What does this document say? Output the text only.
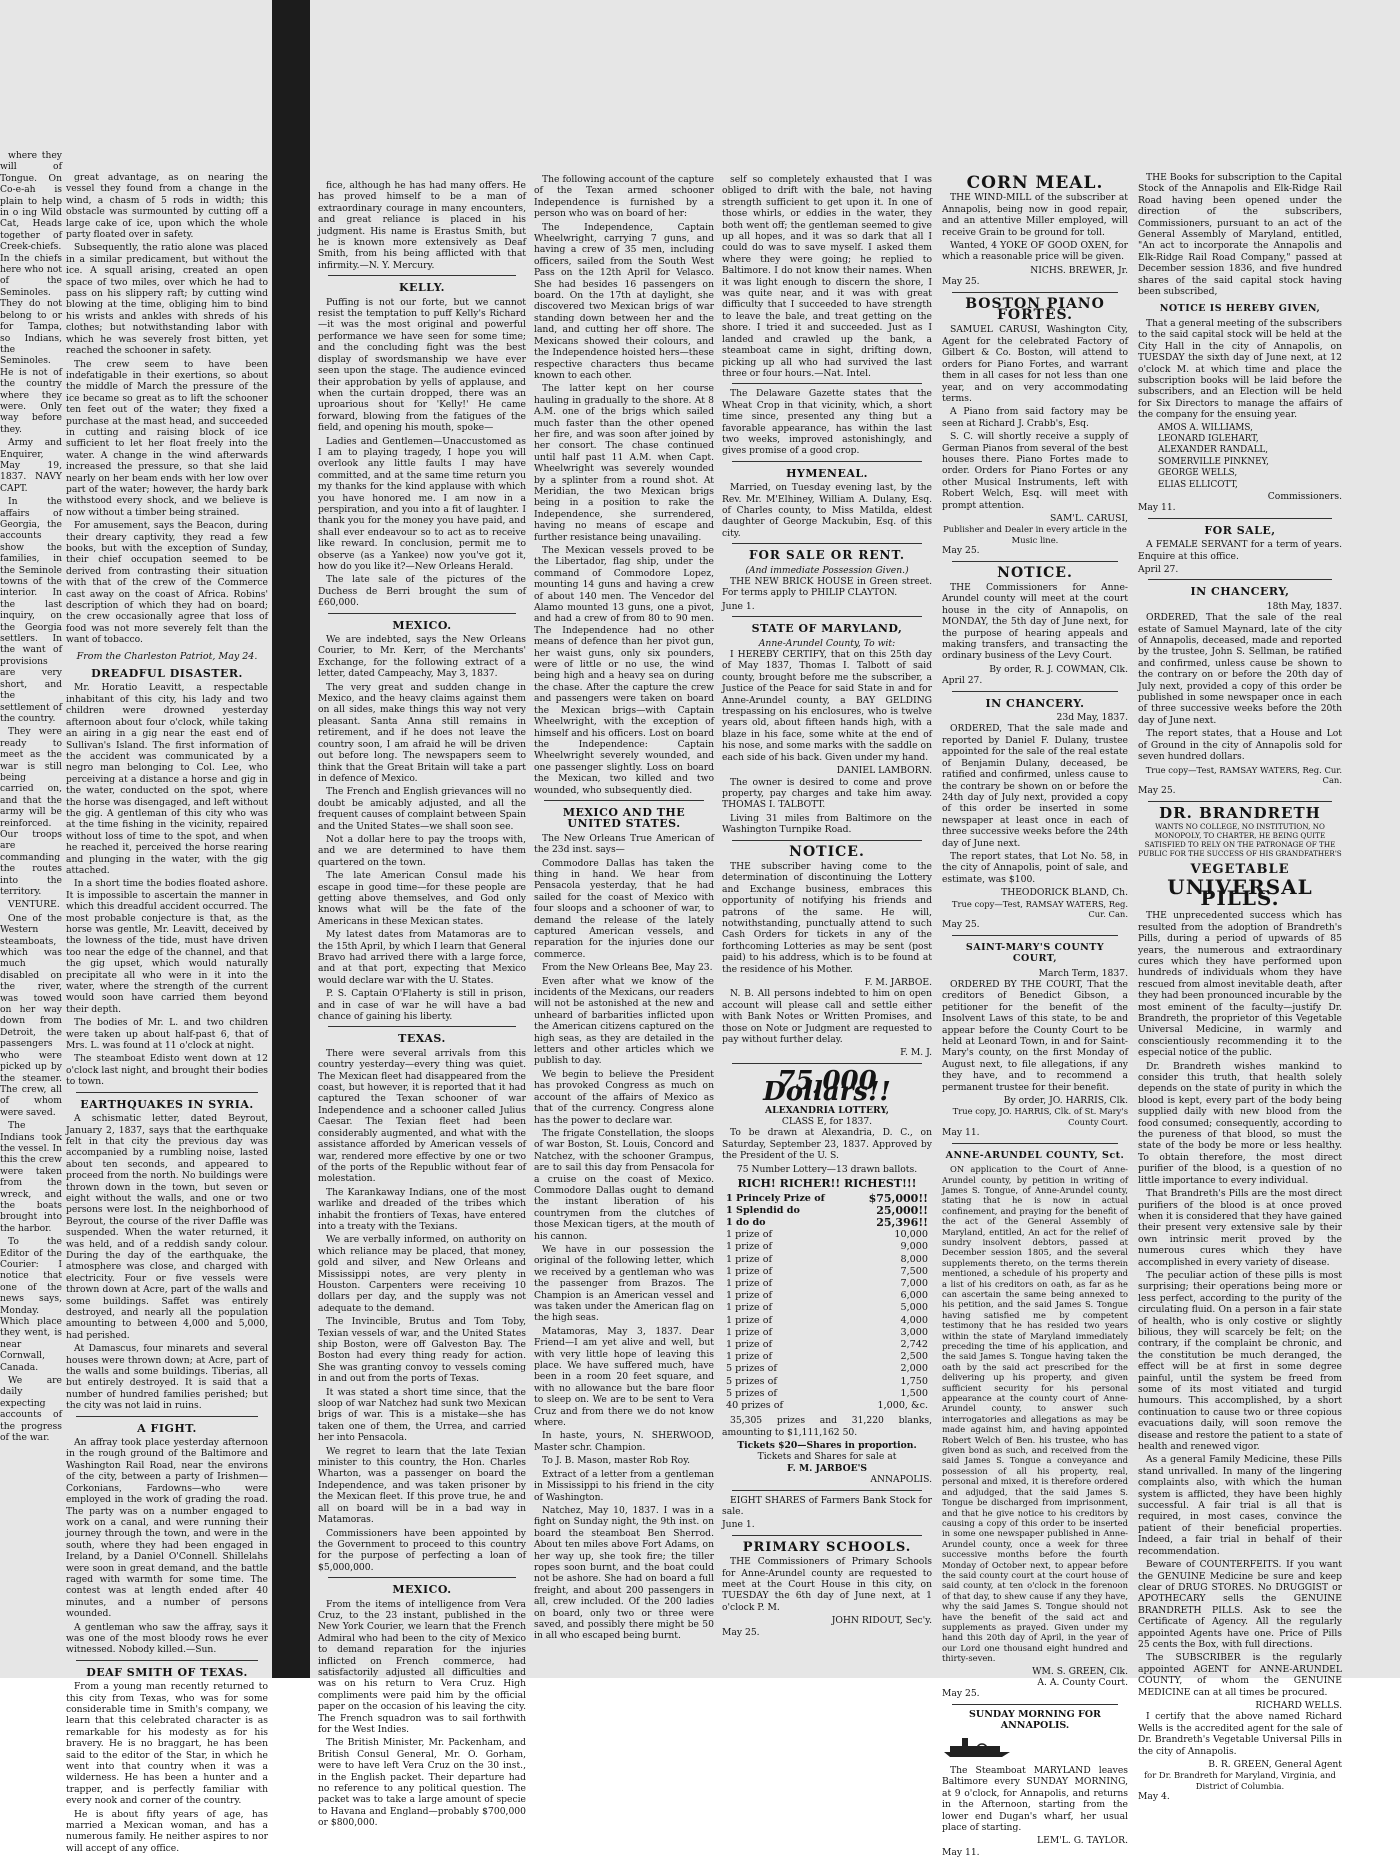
where they will of Tongue. On Co-e-ah is plain to help in o ing Wild Cat, Heads together of Creek-chiefs. In the chiefs here who not of the Seminoles. They do not belong to or for Tampa, so Indians, the Seminoles. He is not of the country where they were. Only way before they.

Army and Enquirer, May 19, 1837. NAVY CAPT.

In the affairs of Georgia, the accounts show the families, in the Seminole towns of the interior. In the last inquiry, on the Georgia settlers. In the want of provisions are very short, and the settlement of the country.

They were ready to meet as the war is still being carried on, and that the army will be reinforced. Our troops are commanding the routes into the territory.

VENTURE.

One of the Western steamboats, which was much disabled on the river, was towed on her way down from Detroit, the passengers who were picked up by the steamer. The crew, all of whom were saved.

The Indians took the vessel. In this the crew were taken from the wreck, and the boats brought into the harbor.

To the Editor of the Courier: I notice that one of the news says, Monday. Which place they went, is near Cornwall, Canada.

We are daily expecting accounts of the progress of the war.

great advantage, as on nearing the vessel they found from a change in the wind, a chasm of 5 rods in width; this obstacle was surmounted by cutting off a large cake of ice, upon which the whole party floated over in safety.

Subsequently, the ratio alone was placed in a similar predicament, but without the ice. A squall arising, created an open space of two miles, over which he had to pass on his slippery raft; by cutting wind blowing at the time, obliging him to bind his wrists and ankles with shreds of his clothes; but notwithstanding labor with which he was severely frost bitten, yet reached the schooner in safety.

The crew seem to have been indefatigable in their exertions, so about the middle of March the pressure of the ice became so great as to lift the schooner ten feet out of the water; they fixed a purchase at the mast head, and succeeded in cutting and raising block of ice sufficient to let her float freely into the water. A change in the wind afterwards increased the pressure, so that she laid nearly on her beam ends with her low over part of the water; however, the hardy bark withstood every shock, and we believe is now without a timber being strained.

For amusement, says the Beacon, during their dreary captivity, they read a few books, but with the exception of Sunday, their chief occupation seemed to be derived from contrasting their situation with that of the crew of the Commerce cast away on the coast of Africa. Robins' description of which they had on board; the crew occasionally agree that loss of food was not more severely felt than the want of tobacco.

From the Charleston Patriot, May 24.
DREADFUL DISASTER.

Mr. Horatio Leavitt, a respectable inhabitant of this city, his lady and two children were drowned yesterday afternoon about four o'clock, while taking an airing in a gig near the east end of Sullivan's Island. The first information of the accident was communicated by a negro man belonging to Col. Lee, who perceiving at a distance a horse and gig in the water, conducted on the spot, where the horse was disengaged, and left without the gig. A gentleman of this city who was at the time fishing in the vicinity, repaired without loss of time to the spot, and when he reached it, perceived the horse rearing and plunging in the water, with the gig attached.

In a short time the bodies floated ashore. It is impossible to ascertain the manner in which this dreadful accident occurred. The most probable conjecture is that, as the horse was gentle, Mr. Leavitt, deceived by the lowness of the tide, must have driven too near the edge of the channel, and that the gig upset, which would naturally precipitate all who were in it into the water, where the strength of the current would soon have carried them beyond their depth.

The bodies of Mr. L. and two children were taken up about half-past 6, that of Mrs. L. was found at 11 o'clock at night.

The steamboat Edisto went down at 12 o'clock last night, and brought their bodies to town.

EARTHQUAKES IN SYRIA.

A schismatic letter, dated Beyrout, January 2, 1837, says that the earthquake felt in that city the previous day was accompanied by a rumbling noise, lasted about ten seconds, and appeared to proceed from the north. No buildings were thrown down in the town, but seven or eight without the walls, and one or two persons were lost. In the neighborhood of Beyrout, the course of the river Daffle was suspended. When the water returned, it was held, and of a reddish sandy colour. During the day of the earthquake, the atmosphere was close, and charged with electricity. Four or five vessels were thrown down at Acre, part of the walls and some buildings. Saffet was entirely destroyed, and nearly all the population amounting to between 4,000 and 5,000, had perished.

At Damascus, four minarets and several houses were thrown down; at Acre, part of the walls and some buildings. Tiberias, all but entirely destroyed. It is said that a number of hundred families perished; but the city was not laid in ruins.

A FIGHT.

An affray took place yesterday afternoon in the rough ground of the Baltimore and Washington Rail Road, near the environs of the city, between a party of Irishmen—Corkonians, Fardowns—who were employed in the work of grading the road. The party was on a number engaged to work on a canal, and were running their journey through the town, and were in the south, where they had been engaged in Ireland, by a Daniel O'Connell. Shillelahs were soon in great demand, and the battle raged with warmth for some time. The contest was at length ended after 40 minutes, and a number of persons wounded.

A gentleman who saw the affray, says it was one of the most bloody rows he ever witnessed. Nobody killed.—Sun.

DEAF SMITH OF TEXAS.

From a young man recently returned to this city from Texas, who was for some considerable time in Smith's company, we learn that this celebrated character is as remarkable for his modesty as for his bravery. He is no braggart, he has been said to the editor of the Star, in which he went into that country when it was a wilderness. He has been a hunter and a trapper, and is perfectly familiar with every nook and corner of the country.

He is about fifty years of age, has married a Mexican woman, and has a numerous family. He neither aspires to nor will accept of any office.

fice, although he has had many offers. He has proved himself to be a man of extraordinary courage in many encounters, and great reliance is placed in his judgment. His name is Erastus Smith, but he is known more extensively as Deaf Smith, from his being afflicted with that infirmity.—N. Y. Mercury.

KELLY.

Puffing is not our forte, but we cannot resist the temptation to puff Kelly's Richard—it was the most original and powerful performance we have seen for some time; and the concluding fight was the best display of swordsmanship we have ever seen upon the stage. The audience evinced their approbation by yells of applause, and when the curtain dropped, there was an uproarious shout for 'Kelly!' He came forward, blowing from the fatigues of the field, and opening his mouth, spoke—

Ladies and Gentlemen—Unaccustomed as I am to playing tragedy, I hope you will overlook any little faults I may have committed, and at the same time return you my thanks for the kind applause with which you have honored me. I am now in a perspiration, and you into a fit of laughter. I thank you for the money you have paid, and shall ever endeavour so to act as to receive like reward. In conclusion, permit me to observe (as a Yankee) now you've got it, how do you like it?—New Orleans Herald.

The late sale of the pictures of the Duchess de Berri brought the sum of £60,000.

MEXICO.

We are indebted, says the New Orleans Courier, to Mr. Kerr, of the Merchants' Exchange, for the following extract of a letter, dated Campeachy, May 3, 1837.

The very great and sudden change in Mexico, and the heavy claims against them on all sides, make things this way not very pleasant. Santa Anna still remains in retirement, and if he does not leave the country soon, I am afraid he will be driven out before long. The newspapers seem to think that the Great Britain will take a part in defence of Mexico.

The French and English grievances will no doubt be amicably adjusted, and all the frequent causes of complaint between Spain and the United States—we shall soon see.

Not a dollar here to pay the troops with, and we are determined to have them quartered on the town.

The late American Consul made his escape in good time—for these people are getting above themselves, and God only knows what will be the fate of the Americans in these Mexican states.

My latest dates from Matamoras are to the 15th April, by which I learn that General Bravo had arrived there with a large force, and at that port, expecting that Mexico would declare war with the U. States.

P. S. Captain O'Flaherty is still in prison, and in case of war he will have a bad chance of gaining his liberty.

TEXAS.

There were several arrivals from this country yesterday—every thing was quiet. The Mexican fleet had disappeared from the coast, but however, it is reported that it had captured the Texan schooner of war Independence and a schooner called Julius Caesar. The Texian fleet had been considerably augmented, and what with the assistance afforded by American vessels of war, rendered more effective by one or two of the ports of the Republic without fear of molestation.

The Karankaway Indians, one of the most warlike and dreaded of the tribes which inhabit the frontiers of Texas, have entered into a treaty with the Texians.

We are verbally informed, on authority on which reliance may be placed, that money, gold and silver, and New Orleans and Mississippi notes, are very plenty in Houston. Carpenters were receiving 10 dollars per day, and the supply was not adequate to the demand.

The Invincible, Brutus and Tom Toby, Texian vessels of war, and the United States ship Boston, were off Galveston Bay. The Boston had every thing ready for action. She was granting convoy to vessels coming in and out from the ports of Texas.

It was stated a short time since, that the sloop of war Natchez had sunk two Mexican brigs of war. This is a mistake—she has taken one of them, the Urrea, and carried her into Pensacola.

We regret to learn that the late Texian minister to this country, the Hon. Charles Wharton, was a passenger on board the Independence, and was taken prisoner by the Mexican fleet. If this prove true, he and all on board will be in a bad way in Matamoras.

Commissioners have been appointed by the Government to proceed to this country for the purpose of perfecting a loan of $5,000,000.

MEXICO.

From the items of intelligence from Vera Cruz, to the 23 instant, published in the New York Courier, we learn that the French Admiral who had been to the city of Mexico to demand reparation for the injuries inflicted on French commerce, had satisfactorily adjusted all difficulties and was on his return to Vera Cruz. High compliments were paid him by the official paper on the occasion of his leaving the city. The French squadron was to sail forthwith for the West Indies.

The British Minister, Mr. Packenham, and British Consul General, Mr. O. Gorham, were to have left Vera Cruz on the 30 inst., in the English packet. Their departure had no reference to any political question. The packet was to take a large amount of specie to Havana and England—probably $700,000 or $800,000.

The following account of the capture of the Texan armed schooner Independence is furnished by a person who was on board of her:

The Independence, Captain Wheelwright, carrying 7 guns, and having a crew of 35 men, including officers, sailed from the South West Pass on the 12th April for Velasco. She had besides 16 passengers on board. On the 17th at daylight, she discovered two Mexican brigs of war standing down between her and the land, and cutting her off shore. The Mexicans showed their colours, and the Independence hoisted hers—these respective characters thus became known to each other.

The latter kept on her course hauling in gradually to the shore. At 8 A.M. one of the brigs which sailed much faster than the other opened her fire, and was soon after joined by her consort. The chase continued until half past 11 A.M. when Capt. Wheelwright was severely wounded by a splinter from a round shot. At Meridian, the two Mexican brigs being in a position to rake the Independence, she surrendered, having no means of escape and further resistance being unavailing.

The Mexican vessels proved to be the Libertador, flag ship, under the command of Commodore Lopez, mounting 14 guns and having a crew of about 140 men. The Vencedor del Alamo mounted 13 guns, one a pivot, and had a crew of from 80 to 90 men. The Independence had no other means of defence than her pivot gun, her waist guns, only six pounders, were of little or no use, the wind being high and a heavy sea on during the chase. After the capture the crew and passengers were taken on board the Mexican brigs—with Captain Wheelwright, with the exception of himself and his officers. Lost on board the Independence: Captain Wheelwright severely wounded, and one passenger slightly. Loss on board the Mexican, two killed and two wounded, who subsequently died.

MEXICO AND THE UNITED STATES.

The New Orleans True American of the 23d inst. says—

Commodore Dallas has taken the thing in hand. We hear from Pensacola yesterday, that he had sailed for the coast of Mexico with four sloops and a schooner of war, to demand the release of the lately captured American vessels, and reparation for the injuries done our commerce.

From the New Orleans Bee, May 23.

Even after what we know of the incidents of the Mexicans, our readers will not be astonished at the new and unheard of barbarities inflicted upon the American citizens captured on the high seas, as they are detailed in the letters and other articles which we publish to day.

We begin to believe the President has provoked Congress as much on account of the affairs of Mexico as that of the currency. Congress alone has the power to declare war.

The frigate Constellation, the sloops of war Boston, St. Louis, Concord and Natchez, with the schooner Grampus, are to sail this day from Pensacola for a cruise on the coast of Mexico. Commodore Dallas ought to demand the instant liberation of his countrymen from the clutches of those Mexican tigers, at the mouth of his cannon.

We have in our possession the original of the following letter, which we received by a gentleman who was the passenger from Brazos. The Champion is an American vessel and was taken under the American flag on the high seas.

Matamoras, May 3, 1837. Dear Friend—I am yet alive and well, but with very little hope of leaving this place. We have suffered much, have been in a room 20 feet square, and with no allowance but the bare floor to sleep on. We are to be sent to Vera Cruz and from there we do not know where.

In haste, yours, N. SHERWOOD, Master schr. Champion.

To J. B. Mason, master Rob Roy.

Extract of a letter from a gentleman in Mississippi to his friend in the city of Washington.

Natchez, May 10, 1837. I was in a fight on Sunday night, the 9th inst. on board the steamboat Ben Sherrod. About ten miles above Fort Adams, on her way up, she took fire; the tiller ropes soon burnt, and the boat could not be ashore. She had on board a full freight, and about 200 passengers in all, crew included. Of the 200 ladies on board, only two or three were saved, and possibly there might be 50 in all who escaped being burnt.

self so completely exhausted that I was obliged to drift with the bale, not having strength sufficient to get upon it. In one of those whirls, or eddies in the water, they both went off; the gentleman seemed to give up all hopes, and it was so dark that all I could do was to save myself. I asked them where they were going; he replied to Baltimore. I do not know their names. When it was light enough to discern the shore, I was quite near, and it was with great difficulty that I succeeded to have strength to leave the bale, and treat getting on the shore. I tried it and succeeded. Just as I landed and crawled up the bank, a steamboat came in sight, drifting down, picking up all who had survived the last three or four hours.—Nat. Intel.

The Delaware Gazette states that the Wheat Crop in that vicinity, which, a short time since, presented any thing but a favorable appearance, has within the last two weeks, improved astonishingly, and gives promise of a good crop.

HYMENEAL.

Married, on Tuesday evening last, by the Rev. Mr. M'Elhiney, William A. Dulany, Esq. of Charles county, to Miss Matilda, eldest daughter of George Mackubin, Esq. of this city.

FOR SALE OR RENT.
(And immediate Possession Given.)

THE NEW BRICK HOUSE in Green street. For terms apply to PHILIP CLAYTON.

June 1.
STATE OF MARYLAND,
Anne-Arundel County, To wit:

I HEREBY CERTIFY, that on this 25th day of May 1837, Thomas I. Talbott of said county, brought before me the subscriber, a Justice of the Peace for said State in and for Anne-Arundel county, a BAY GELDING trespassing on his enclosures, who is twelve years old, about fifteen hands high, with a blaze in his face, some white at the end of his nose, and some marks with the saddle on each side of his back. Given under my hand.

DANIEL LAMBORN.

The owner is desired to come and prove property, pay charges and take him away. THOMAS I. TALBOTT.

Living 31 miles from Baltimore on the Washington Turnpike Road.

NOTICE.

THE subscriber having come to the determination of discontinuing the Lottery and Exchange business, embraces this opportunity of notifying his friends and patrons of the same. He will, notwithstanding, punctually attend to such Cash Orders for tickets in any of the forthcoming Lotteries as may be sent (post paid) to his address, which is to be found at the residence of his Mother.

F. M. JARBOE.

N. B. All persons indebted to him on open account will please call and settle either with Bank Notes or Written Promises, and those on Note or Judgment are requested to pay without further delay.

F. M. J.
75,000 Dollars!!
ALEXANDRIA LOTTERY,
CLASS E, for 1837.

To be drawn at Alexandria, D. C., on Saturday, September 23, 1837. Approved by the President of the U. S.

75 Number Lottery—13 drawn ballots.
RICH! RICHER!! RICHEST!!!
1 Princely Prize of	$75,000!!
1 Splendid do	25,000!!
1 do do	25,396!!
1 prize of	10,000
1 prize of	9,000
1 prize of	8,000
1 prize of	7,500
1 prize of	7,000
1 prize of	6,000
1 prize of	5,000
1 prize of	4,000
1 prize of	3,000
1 prize of	2,742
1 prize of	2,500
5 prizes of	2,000
5 prizes of	1,750
5 prizes of	1,500
40 prizes of	1,000, &c.

35,305 prizes and 31,220 blanks, amounting to $1,111,162 50.

Tickets $20—Shares in proportion.
Tickets and Shares for sale at
F. M. JARBOE'S
ANNAPOLIS.

EIGHT SHARES of Farmers Bank Stock for sale.

June 1.
PRIMARY SCHOOLS.

THE Commissioners of Primary Schools for Anne-Arundel county are requested to meet at the Court House in this city, on TUESDAY the 6th day of June next, at 1 o'clock P. M.

JOHN RIDOUT, Sec'y.
May 25.
CORN MEAL.

THE WIND-MILL of the subscriber at Annapolis, being now in good repair, and an attentive Miller employed, will receive Grain to be ground for toll.

Wanted, 4 YOKE OF GOOD OXEN, for which a reasonable price will be given.

NICHS. BREWER, Jr.
May 25.
BOSTON PIANO FORTES.

SAMUEL CARUSI, Washington City, Agent for the celebrated Factory of Gilbert & Co. Boston, will attend to orders for Piano Fortes, and warrant them in all cases for not less than one year, and on very accommodating terms.

A Piano from said factory may be seen at Richard J. Crabb's, Esq.

S. C. will shortly receive a supply of German Pianos from several of the best houses there. Piano Fortes made to order. Orders for Piano Fortes or any other Musical Instruments, left with Robert Welch, Esq. will meet with prompt attention.

SAM'L. CARUSI,
Publisher and Dealer in every article in the Music line.
May 25.
NOTICE.

THE Commissioners for Anne-Arundel county will meet at the court house in the city of Annapolis, on MONDAY, the 5th day of June next, for the purpose of hearing appeals and making transfers, and transacting the ordinary business of the Levy Court.

By order, R. J. COWMAN, Clk.
April 27.
IN CHANCERY.
23d May, 1837.

ORDERED, That the sale made and reported by Daniel F. Dulany, trustee appointed for the sale of the real estate of Benjamin Dulany, deceased, be ratified and confirmed, unless cause to the contrary be shown on or before the 24th day of July next, provided a copy of this order be inserted in some newspaper at least once in each of three successive weeks before the 24th day of June next.

The report states, that Lot No. 58, in the city of Annapolis, point of sale, and estimate, was $100.

THEODORICK BLAND, Ch.
True copy—Test, RAMSAY WATERS, Reg. Cur. Can.
May 25.
SAINT-MARY'S COUNTY COURT,
March Term, 1837.

ORDERED BY THE COURT, That the creditors of Benedict Gibson, a petitioner for the benefit of the Insolvent Laws of this state, to be and appear before the County Court to be held at Leonard Town, in and for Saint-Mary's county, on the first Monday of August next, to file allegations, if any they have, and to recommend a permanent trustee for their benefit.

By order, JO. HARRIS, Clk.
True copy, JO. HARRIS, Clk. of St. Mary's County Court.
May 11.
ANNE-ARUNDEL COUNTY, Sct.

ON application to the Court of Anne-Arundel county, by petition in writing of James S. Tongue, of Anne-Arundel county, stating that he is now in actual confinement, and praying for the benefit of the act of the General Assembly of Maryland, entitled, An act for the relief of sundry insolvent debtors, passed at December session 1805, and the several supplements thereto, on the terms therein mentioned, a schedule of his property and a list of his creditors on oath, as far as he can ascertain the same being annexed to his petition, and the said James S. Tongue having satisfied me by competent testimony that he has resided two years within the state of Maryland immediately preceding the time of his application, and the said James S. Tongue having taken the oath by the said act prescribed for the delivering up his property, and given sufficient security for his personal appearance at the county court of Anne-Arundel county, to answer such interrogatories and allegations as may be made against him, and having appointed Robert Welch of Ben. his trustee, who has given bond as such, and received from the said James S. Tongue a conveyance and possession of all his property, real, personal and mixed, it is therefore ordered and adjudged, that the said James S. Tongue be discharged from imprisonment, and that he give notice to his creditors by causing a copy of this order to be inserted in some one newspaper published in Anne-Arundel county, once a week for three successive months before the fourth Monday of October next, to appear before the said county court at the court house of said county, at ten o'clock in the forenoon of that day, to shew cause if any they have, why the said James S. Tongue should not have the benefit of the said act and supplements as prayed. Given under my hand this 20th day of April, in the year of our Lord one thousand eight hundred and thirty-seven.

WM. S. GREEN, Clk.
A. A. County Court.
May 25.
SUNDAY MORNING FOR ANNAPOLIS.

The Steamboat MARYLAND leaves Baltimore every SUNDAY MORNING, at 9 o'clock, for Annapolis, and returns in the Afternoon, starting from the lower end Dugan's wharf, her usual place of starting.

LEM'L. G. TAYLOR.
May 11.

THE Books for subscription to the Capital Stock of the Annapolis and Elk-Ridge Rail Road having been opened under the direction of the subscribers, Commissioners, pursuant to an act of the General Assembly of Maryland, entitled, "An act to incorporate the Annapolis and Elk-Ridge Rail Road Company," passed at December session 1836, and five hundred shares of the said capital stock having been subscribed,

NOTICE IS HEREBY GIVEN,

That a general meeting of the subscribers to the said capital stock will be held at the City Hall in the city of Annapolis, on TUESDAY the sixth day of June next, at 12 o'clock M. at which time and place the subscription books will be laid before the subscribers, and an Election will be held for Six Directors to manage the affairs of the company for the ensuing year.

AMOS A. WILLIAMS,
LEONARD IGLEHART,
ALEXANDER RANDALL,
SOMERVILLE PINKNEY,
GEORGE WELLS,
ELIAS ELLICOTT,
Commissioners.
May 11.
FOR SALE,

A FEMALE SERVANT for a term of years. Enquire at this office.

April 27.
IN CHANCERY,
18th May, 1837.

ORDERED, That the sale of the real estate of Samuel Maynard, late of the city of Annapolis, deceased, made and reported by the trustee, John S. Sellman, be ratified and confirmed, unless cause be shown to the contrary on or before the 20th day of July next, provided a copy of this order be published in some newspaper once in each of three successive weeks before the 20th day of June next.

The report states, that a House and Lot of Ground in the city of Annapolis sold for seven hundred dollars.

True copy—Test, RAMSAY WATERS, Reg. Cur. Can.
May 25.
DR. BRANDRETH
WANTS NO COLLEGE, NO INSTITUTION, NO MONOPOLY, TO CHARTER, HE BEING QUITE SATISFIED TO RELY ON THE PATRONAGE OF THE PUBLIC FOR THE SUCCESS OF HIS GRANDFATHER'S
VEGETABLE
UNIVERSAL PILLS.

THE unprecedented success which has resulted from the adoption of Brandreth's Pills, during a period of upwards of 85 years, the numerous and extraordinary cures which they have performed upon hundreds of individuals whom they have rescued from almost inevitable death, after they had been pronounced incurable by the most eminent of the faculty—justify Dr. Brandreth, the proprietor of this Vegetable Universal Medicine, in warmly and conscientiously recommending it to the especial notice of the public.

Dr. Brandreth wishes mankind to consider this truth, that health solely depends on the state of purity in which the blood is kept, every part of the body being supplied daily with new blood from the food consumed; consequently, according to the pureness of that blood, so must the state of the body be more or less healthy. To obtain therefore, the most direct purifier of the blood, is a question of no little importance to every individual.

That Brandreth's Pills are the most direct purifiers of the blood is at once proved when it is considered that they have gained their present very extensive sale by their own intrinsic merit proved by the numerous cures which they have accomplished in every variety of disease.

The peculiar action of these pills is most surprising; their operations being more or less perfect, according to the purity of the circulating fluid. On a person in a fair state of health, who is only costive or slightly bilious, they will scarcely be felt; on the contrary, if the complaint be chronic, and the constitution be much deranged, the effect will be at first in some degree painful, until the system be freed from some of its most vitiated and turgid humours. This accomplished, by a short continuation to cause two or three copious evacuations daily, will soon remove the disease and restore the patient to a state of health and renewed vigor.

As a general Family Medicine, these Pills stand unrivalled. In many of the lingering complaints also, with which the human system is afflicted, they have been highly successful. A fair trial is all that is required, in most cases, convince the patient of their beneficial properties. Indeed, a fair trial in behalf of their recommendation.

Beware of COUNTERFEITS. If you want the GENUINE Medicine be sure and keep clear of DRUG STORES. No DRUGGIST or APOTHECARY sells the GENUINE BRANDRETH PILLS. Ask to see the Certificate of Agency. All the regularly appointed Agents have one. Price of Pills 25 cents the Box, with full directions.

The SUBSCRIBER is the regularly appointed AGENT for ANNE-ARUNDEL COUNTY, of whom the GENUINE MEDICINE can at all times be procured.

RICHARD WELLS.

I certify that the above named Richard Wells is the accredited agent for the sale of Dr. Brandreth's Vegetable Universal Pills in the city of Annapolis.

B. R. GREEN, General Agent
for Dr. Brandreth for Maryland, Virginia, and District of Columbia.
May 4.
